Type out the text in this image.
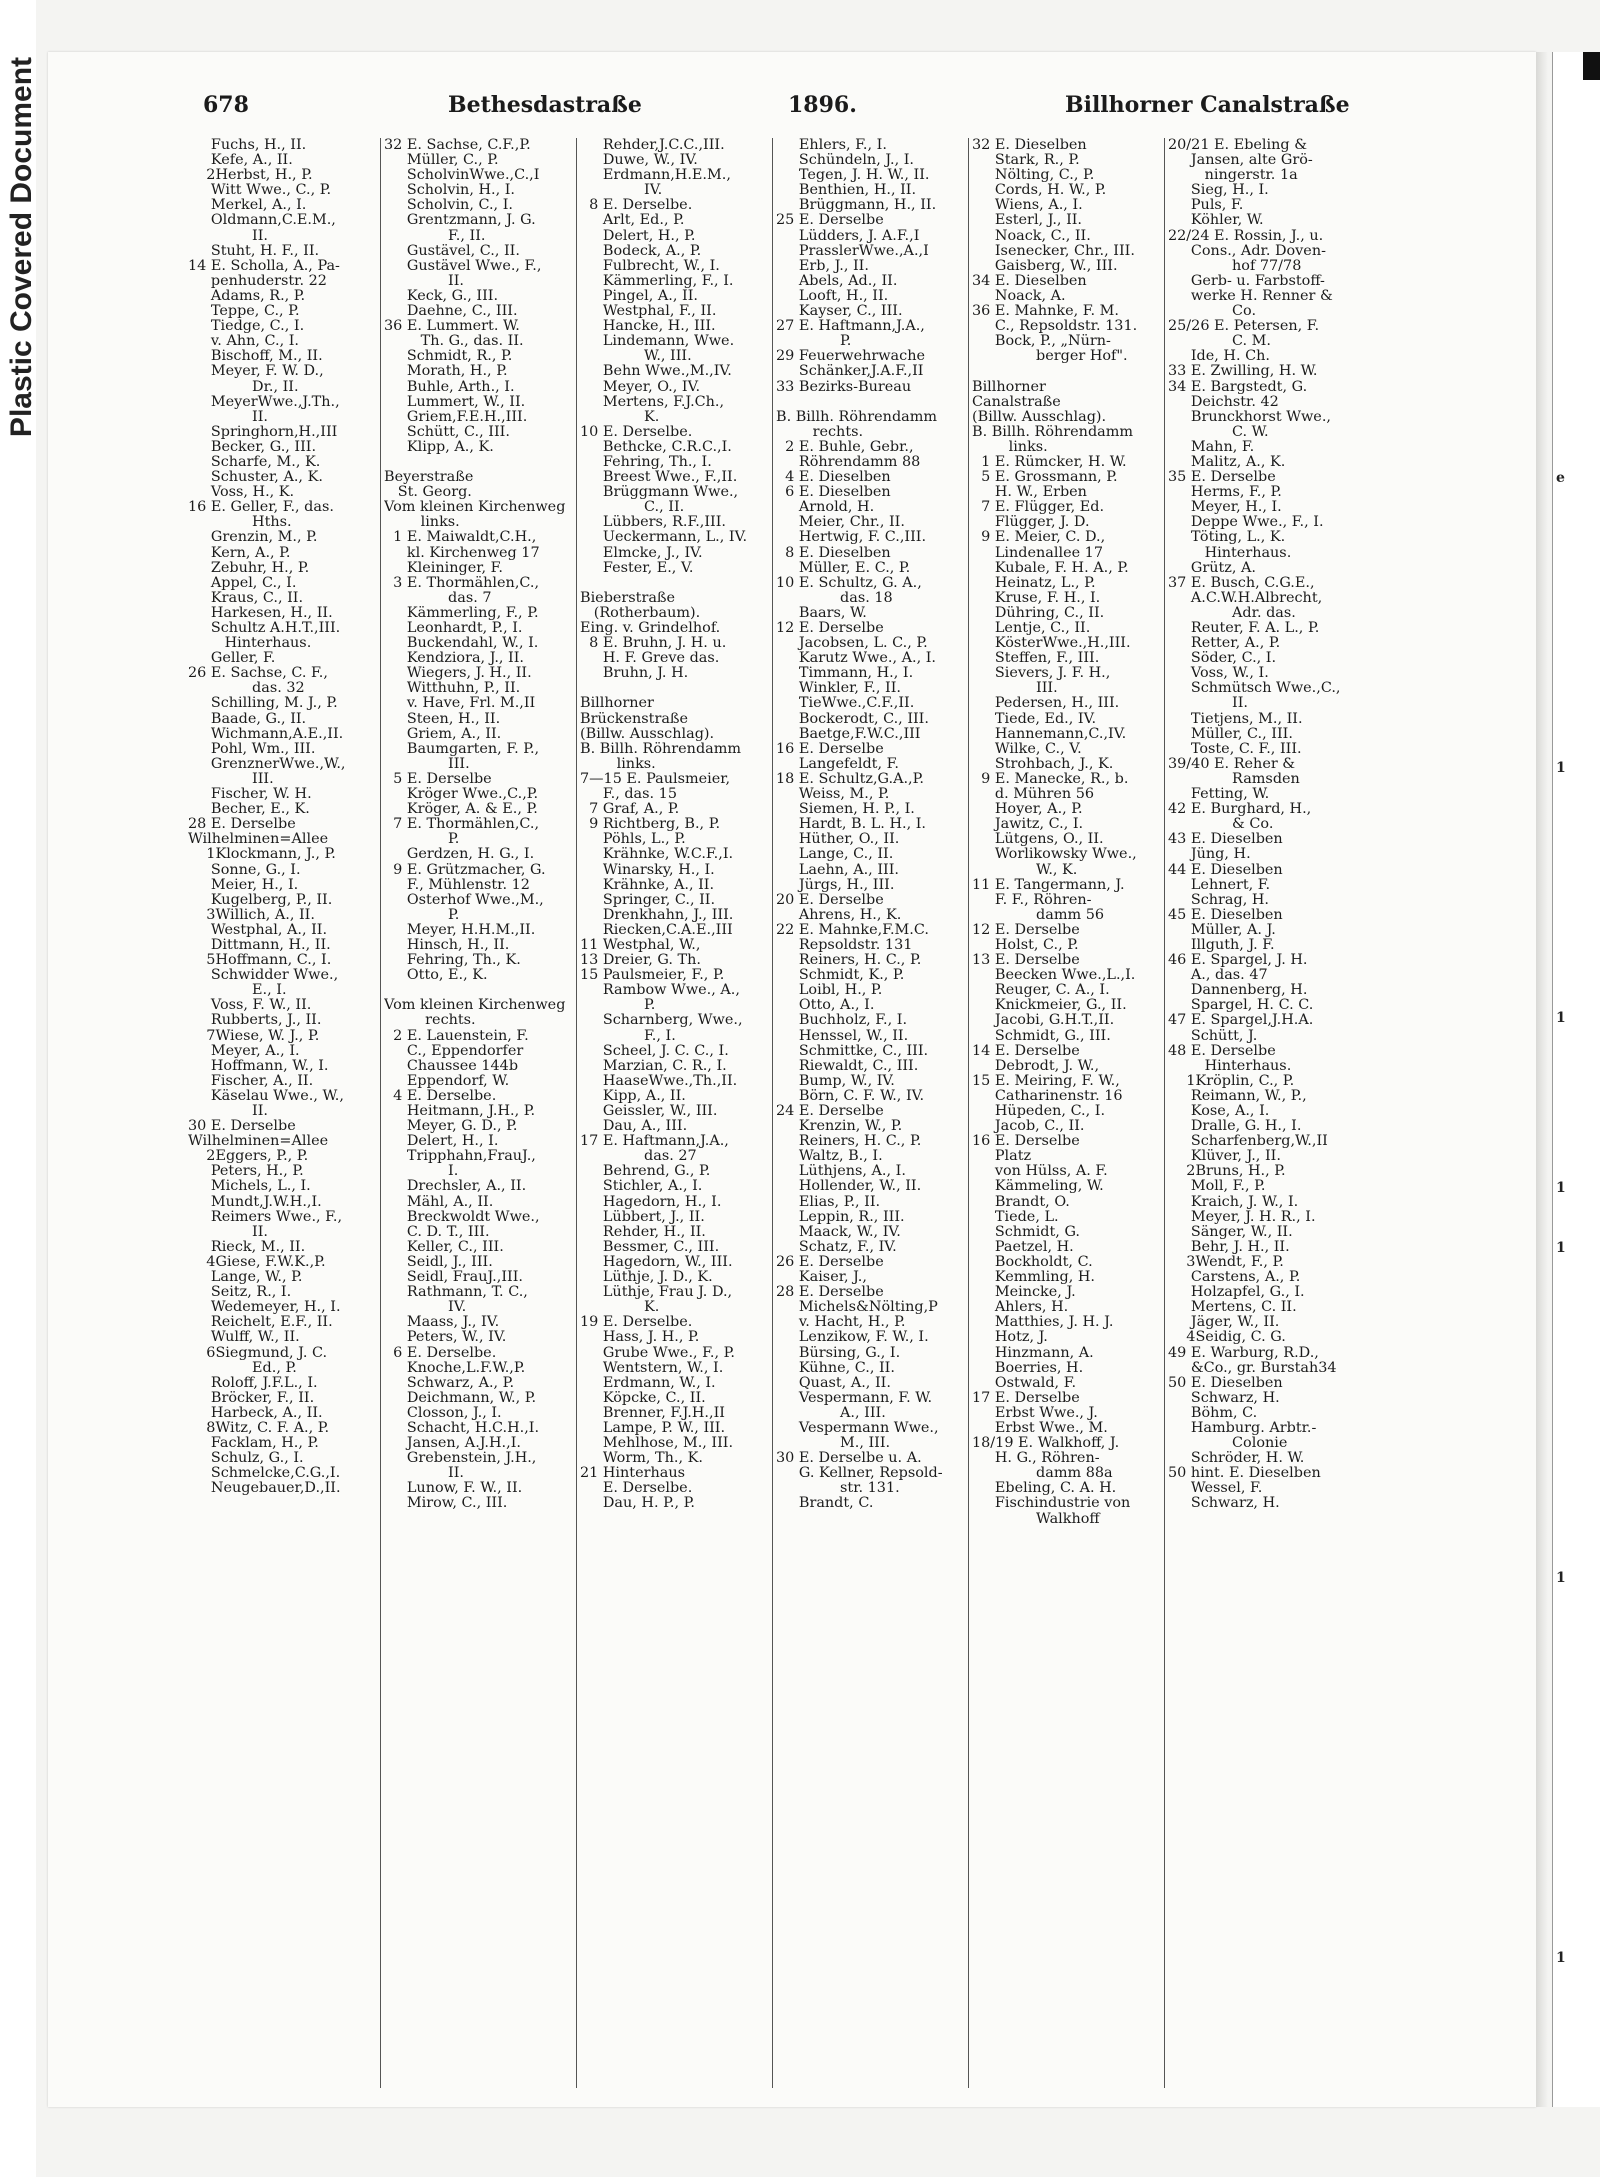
Plastic Covered Document	678	Bethesdastraße	1896.	Billhorner Canalstraße
Fuchs, H., II.
Kefe, A., II.
2Herbst, H., P.
Witt Wwe., C., P.
Merkel, A., I.
Oldmann,C.E.M.,
II.
Stuht, H. F., II.
14 E. Scholla, A., Pa-
penhuderstr. 22
Adams, R., P.
Teppe, C., P.
Tiedge, C., I.
v. Ahn, C., I.
Bischoff, M., II.
Meyer, F. W. D.,
Dr., II.
MeyerWwe.,J.Th.,
II.
Springhorn,H.,III
Becker, G., III.
Scharfe, M., K.
Schuster, A., K.
Voss, H., K.
16 E. Geller, F., das.
Hths.
Grenzin, M., P.
Kern, A., P.
Zebuhr, H., P.
Appel, C., I.
Kraus, C., II.
Harkesen, H., II.
Schultz A.H.T.,III.
Hinterhaus.
Geller, F.
26 E. Sachse, C. F.,
das. 32
Schilling, M. J., P.
Baade, G., II.
Wichmann,A.E.,II.
Pohl, Wm., III.
GrenznerWwe.,W.,
III.
Fischer, W. H.
Becher, E., K.
28 E. Derselbe
Wilhelminen=Allee
1Klockmann, J., P.
Sonne, G., I.
Meier, H., I.
Kugelberg, P., II.
3Willich, A., II.
Westphal, A., II.
Dittmann, H., II.
5Hoffmann, C., I.
Schwidder Wwe.,
E., I.
Voss, F. W., II.
Rubberts, J., II.
7Wiese, W. J., P.
Meyer, A., I.
Hoffmann, W., I.
Fischer, A., II.
Käselau Wwe., W.,
II.
30 E. Derselbe
Wilhelminen=Allee
2Eggers, P., P.
Peters, H., P.
Michels, L., I.
Mundt,J.W.H.,I.
Reimers Wwe., F.,
II.
Rieck, M., II.
4Giese, F.W.K.,P.
Lange, W., P.
Seitz, R., I.
Wedemeyer, H., I.
Reichelt, E.F., II.
Wulff, W., II.
6Siegmund, J. C.
Ed., P.
Roloff, J.F.L., I.
Bröcker, F., II.
Harbeck, A., II.
8Witz, C. F. A., P.
Facklam, H., P.
Schulz, G., I.
Schmelcke,C.G.,I.
Neugebauer,D.,II.
32 E. Sachse, C.F.,P.
Müller, C., P.
ScholvinWwe.,C.,I
Scholvin, H., I.
Scholvin, C., I.
Grentzmann, J. G.
F., II.
Gustävel, C., II.
Gustävel Wwe., F.,
II.
Keck, G., III.
Daehne, C., III.
36 E. Lummert. W.
Th. G., das. II.
Schmidt, R., P.
Morath, H., P.
Buhle, Arth., I.
Lummert, W., II.
Griem,F.E.H.,III.
Schütt, C., III.
Klipp, A., K.
Beyerstraße
St. Georg.
Vom kleinen Kirchenweg
links.
1 E. Maiwaldt,C.H.,
kl. Kirchenweg 17
Kleininger, F.
3 E. Thormählen,C.,
das. 7
Kämmerling, F., P.
Leonhardt, P., I.
Buckendahl, W., I.
Kendziora, J., II.
Wiegers, J. H., II.
Witthuhn, P., II.
v. Have, Frl. M.,II
Steen, H., II.
Griem, A., II.
Baumgarten, F. P.,
III.
5 E. Derselbe
Kröger Wwe.,C.,P.
Kröger, A. & E., P.
7 E. Thormählen,C.,
P.
Gerdzen, H. G., I.
9 E. Grützmacher, G.
F., Mühlenstr. 12
Osterhof Wwe.,M.,
P.
Meyer, H.H.M.,II.
Hinsch, H., II.
Fehring, Th., K.
Otto, E., K.
Vom kleinen Kirchenweg
rechts.
2 E. Lauenstein, F.
C., Eppendorfer
Chaussee 144b
Eppendorf, W.
4 E. Derselbe.
Heitmann, J.H., P.
Meyer, G. D., P.
Delert, H., I.
Tripphahn,FrauJ.,
I.
Drechsler, A., II.
Mähl, A., II.
Breckwoldt Wwe.,
C. D. T., III.
Keller, C., III.
Seidl, J., III.
Seidl, FrauJ.,III.
Rathmann, T. C.,
IV.
Maass, J., IV.
Peters, W., IV.
6 E. Derselbe.
Knoche,L.F.W.,P.
Schwarz, A., P.
Deichmann, W., P.
Closson, J., I.
Schacht, H.C.H.,I.
Jansen, A.J.H.,I.
Grebenstein, J.H.,
II.
Lunow, F. W., II.
Mirow, C., III.
Rehder,J.C.C.,III.
Duwe, W., IV.
Erdmann,H.E.M.,
IV.
8 E. Derselbe.
Arlt, Ed., P.
Delert, H., P.
Bodeck, A., P.
Fulbrecht, W., I.
Kämmerling, F., I.
Pingel, A., II.
Westphal, F., II.
Hancke, H., III.
Lindemann, Wwe.
W., III.
Behn Wwe.,M.,IV.
Meyer, O., IV.
Mertens, F.J.Ch.,
K.
10 E. Derselbe.
Bethcke, C.R.C.,I.
Fehring, Th., I.
Breest Wwe., F.,II.
Brüggmann Wwe.,
C., II.
Lübbers, R.F.,III.
Ueckermann, L., IV.
Elmcke, J., IV.
Fester, E., V.
Bieberstraße
(Rotherbaum).
Eing. v. Grindelhof.
8 E. Bruhn, J. H. u.
H. F. Greve das.
Bruhn, J. H.
Billhorner
Brückenstraße
(Billw. Ausschlag).
B. Billh. Röhrendamm
links.
7—15 E. Paulsmeier,
F., das. 15
7 Graf, A., P.
9 Richtberg, B., P.
Pöhls, L., P.
Krähnke, W.C.F.,I.
Winarsky, H., I.
Krähnke, A., II.
Springer, C., II.
Drenkhahn, J., III.
Riecken,C.A.E.,III
11 Westphal, W.,
13 Dreier, G. Th.
15 Paulsmeier, F., P.
Rambow Wwe., A.,
P.
Scharnberg, Wwe.,
F., I.
Scheel, J. C. C., I.
Marzian, C. R., I.
HaaseWwe.,Th.,II.
Kipp, A., II.
Geissler, W., III.
Dau, A., III.
17 E. Haftmann,J.A.,
das. 27
Behrend, G., P.
Stichler, A., I.
Hagedorn, H., I.
Lübbert, J., II.
Rehder, H., II.
Bessmer, C., III.
Hagedorn, W., III.
Lüthje, J. D., K.
Lüthje, Frau J. D.,
K.
19 E. Derselbe.
Hass, J. H., P.
Grube Wwe., F., P.
Wentstern, W., I.
Erdmann, W., I.
Köpcke, C., II.
Brenner, F.J.H.,II
Lampe, P. W., III.
Mehlhose, M., III.
Worm, Th., K.
21 Hinterhaus
E. Derselbe.
Dau, H. P., P.
Ehlers, F., I.
Schündeln, J., I.
Tegen, J. H. W., II.
Benthien, H., II.
Brüggmann, H., II.
25 E. Derselbe
Lüdders, J. A.F.,I
PrasslerWwe.,A.,I
Erb, J., II.
Abels, Ad., II.
Looft, H., II.
Kayser, C., III.
27 E. Haftmann,J.A.,
P.
29 Feuerwehrwache
Schänker,J.A.F.,II
33 Bezirks-Bureau
B. Billh. Röhrendamm
rechts.
2 E. Buhle, Gebr.,
Röhrendamm 88
4 E. Dieselben
6 E. Dieselben
Arnold, H.
Meier, Chr., II.
Hertwig, F. C.,III.
8 E. Dieselben
Müller, E. C., P.
10 E. Schultz, G. A.,
das. 18
Baars, W.
12 E. Derselbe
Jacobsen, L. C., P.
Karutz Wwe., A., I.
Timmann, H., I.
Winkler, F., II.
TieWwe.,C.F.,II.
Bockerodt, C., III.
Baetge,F.W.C.,III
16 E. Derselbe
Langefeldt, F.
18 E. Schultz,G.A.,P.
Weiss, M., P.
Siemen, H. P., I.
Hardt, B. L. H., I.
Hüther, O., II.
Lange, C., II.
Laehn, A., III.
Jürgs, H., III.
20 E. Derselbe
Ahrens, H., K.
22 E. Mahnke,F.M.C.
Repsoldstr. 131
Reiners, H. C., P.
Schmidt, K., P.
Loibl, H., P.
Otto, A., I.
Buchholz, F., I.
Henssel, W., II.
Schmittke, C., III.
Riewaldt, C., III.
Bump, W., IV.
Börn, C. F. W., IV.
24 E. Derselbe
Krenzin, W., P.
Reiners, H. C., P.
Waltz, B., I.
Lüthjens, A., I.
Hollender, W., II.
Elias, P., II.
Leppin, R., III.
Maack, W., IV.
Schatz, F., IV.
26 E. Derselbe
Kaiser, J.,
28 E. Derselbe
Michels&Nölting,P
v. Hacht, H., P.
Lenzikow, F. W., I.
Bürsing, G., I.
Kühne, C., II.
Quast, A., II.
Vespermann, F. W.
A., III.
Vespermann Wwe.,
M., III.
30 E. Derselbe u. A.
G. Kellner, Repsold-
str. 131.
Brandt, C.
32 E. Dieselben
Stark, R., P.
Nölting, C., P.
Cords, H. W., P.
Wiens, A., I.
Esterl, J., II.
Noack, C., II.
Isenecker, Chr., III.
Gaisberg, W., III.
34 E. Dieselben
Noack, A.
36 E. Mahnke, F. M.
C., Repsoldstr. 131.
Bock, P., „Nürn-
berger Hof".
Billhorner
Canalstraße
(Billw. Ausschlag).
B. Billh. Röhrendamm
links.
1 E. Rümcker, H. W.
5 E. Grossmann, P.
H. W., Erben
7 E. Flügger, Ed.
Flügger, J. D.
9 E. Meier, C. D.,
Lindenallee 17
Kubale, F. H. A., P.
Heinatz, L., P.
Kruse, F. H., I.
Dühring, C., II.
Lentje, C., II.
KösterWwe.,H.,III.
Steffen, F., III.
Sievers, J. F. H.,
III.
Pedersen, H., III.
Tiede, Ed., IV.
Hannemann,C.,IV.
Wilke, C., V.
Strohbach, J., K.
9 E. Manecke, R., b.
d. Mühren 56
Hoyer, A., P.
Jawitz, C., I.
Lütgens, O., II.
Worlikowsky Wwe.,
W., K.
11 E. Tangermann, J.
F. F., Röhren-
damm 56
12 E. Derselbe
Holst, C., P.
13 E. Derselbe
Beecken Wwe.,L.,I.
Reuger, C. A., I.
Knickmeier, G., II.
Jacobi, G.H.T.,II.
Schmidt, G., III.
14 E. Derselbe
Debrodt, J. W.,
15 E. Meiring, F. W.,
Catharinenstr. 16
Hüpeden, C., I.
Jacob, C., II.
16 E. Derselbe
Platz
von Hülss, A. F.
Kämmeling, W.
Brandt, O.
Tiede, L.
Schmidt, G.
Paetzel, H.
Bockholdt, C.
Kemmling, H.
Meincke, J.
Ahlers, H.
Matthies, J. H. J.
Hotz, J.
Hinzmann, A.
Boerries, H.
Ostwald, F.
17 E. Derselbe
Erbst Wwe., J.
Erbst Wwe., M.
18/19 E. Walkhoff, J.
H. G., Röhren-
damm 88a
Ebeling, C. A. H.
Fischindustrie von
Walkhoff
20/21 E. Ebeling &
Jansen, alte Grö-
ningerstr. 1a
Sieg, H., I.
Puls, F.
Köhler, W.
22/24 E. Rossin, J., u.
Cons., Adr. Doven-
hof 77/78
Gerb- u. Farbstoff-
werke H. Renner &
Co.
25/26 E. Petersen, F.
C. M.
Ide, H. Ch.
33 E. Zwilling, H. W.
34 E. Bargstedt, G.
Deichstr. 42
Brunckhorst Wwe.,
C. W.
Mahn, F.
Malitz, A., K.
35 E. Derselbe
Herms, F., P.
Meyer, H., I.
Deppe Wwe., F., I.
Töting, L., K.
Hinterhaus.
Grütz, A.
37 E. Busch, C.G.E.,
A.C.W.H.Albrecht,
Adr. das.
Reuter, F. A. L., P.
Retter, A., P.
Söder, C., I.
Voss, W., I.
Schmütsch Wwe.,C.,
II.
Tietjens, M., II.
Müller, C., III.
Toste, C. F., III.
39/40 E. Reher &
Ramsden
Fetting, W.
42 E. Burghard, H.,
& Co.
43 E. Dieselben
Jüng, H.
44 E. Dieselben
Lehnert, F.
Schrag, H.
45 E. Dieselben
Müller, A. J.
Illguth, J. F.
46 E. Spargel, J. H.
A., das. 47
Dannenberg, H.
Spargel, H. C. C.
47 E. Spargel,J.H.A.
Schütt, J.
48 E. Derselbe
Hinterhaus.
1Kröplin, C., P.
Reimann, W., P.,
Kose, A., I.
Dralle, G. H., I.
Scharfenberg,W.,II
Klüver, J., II.
2Bruns, H., P.
Moll, F., P.
Kraich, J. W., I.
Meyer, J. H. R., I.
Sänger, W., II.
Behr, J. H., II.
3Wendt, F., P.
Carstens, A., P.
Holzapfel, G., I.
Mertens, C. II.
Jäger, W., II.
4Seidig, C. G.
49 E. Warburg, R.D.,
&Co., gr. Burstah34
50 E. Dieselben
Schwarz, H.
Böhm, C.
Hamburg. Arbtr.-
Colonie
Schröder, H. W.
50 hint. E. Dieselben
Wessel, F.
Schwarz, H.
e
1
1
1
1
1
1
